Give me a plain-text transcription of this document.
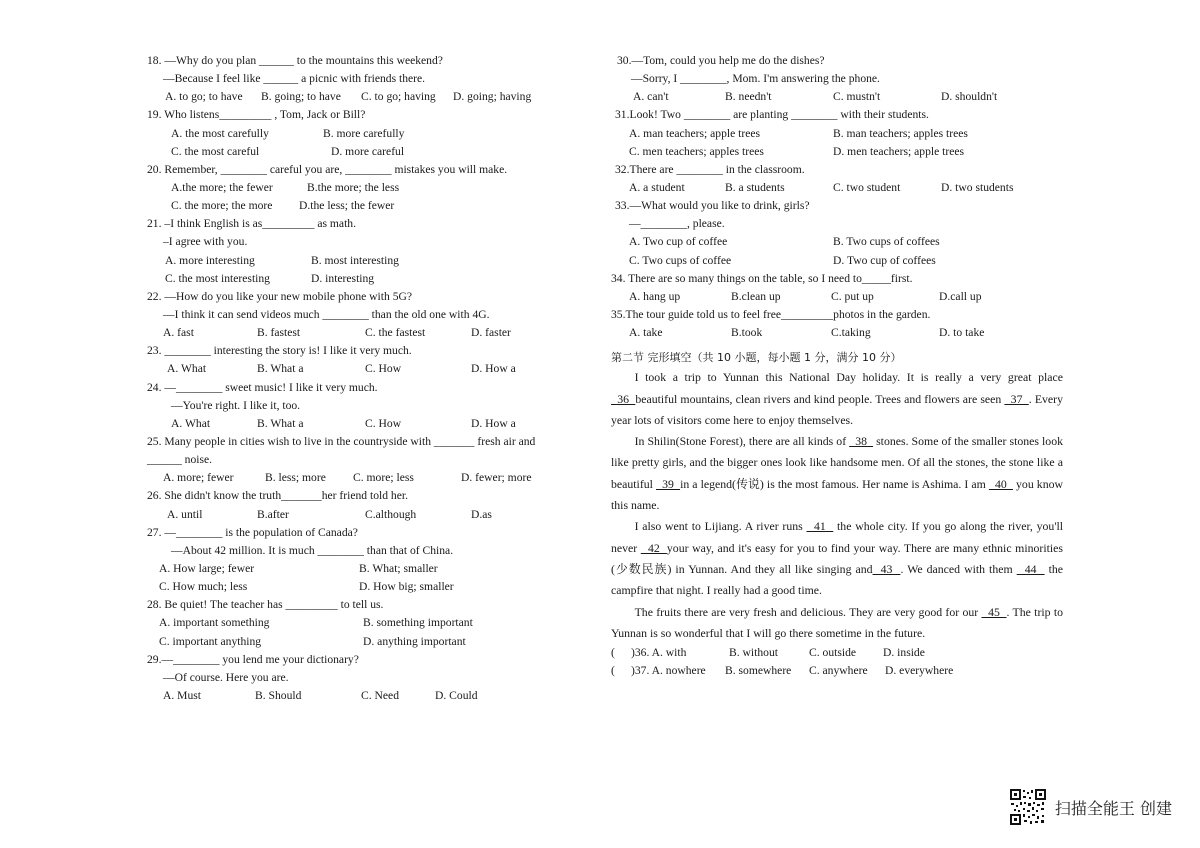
18. —Why do you plan ______ to the mountains this weekend?
—Because I feel like ______ a picnic with friends there.
A. to go; to have B. going; to have C. to go; having D. going; having
19. Who listens_________ , Tom, Jack or Bill?
A. the most carefully	B. more carefully
C. the most careful	D. more careful
20. Remember, ________ careful you are, ________ mistakes you will make.
A.the more; the fewer	B.the more; the less
C. the more; the more D.the less; the fewer
21. –I think English is as_________ as math.
–I agree with you.
A. more interesting	B. most interesting
C. the most interesting	D. interesting
22. —How do you like your new mobile phone with 5G?
—I think it can send videos much ________ than the old one with 4G.
A. fast	B. fastest	C. the fastest	D. faster
23. ________ interesting the story is! I like it very much.
A. What	B. What a	C. How	D. How a
24. —________ sweet music! I like it very much.
—You're right. I like it, too.
A. What	B. What a	C. How	D. How a
25. Many people in cities wish to live in the countryside with _______ fresh air and
______ noise.
A. more; fewer	B. less; more C. more; less	D. fewer; more
26. She didn't know the truth_______her friend told her.
A. until	B.after	C.although	D.as
27. —________ is the population of Canada?
—About 42 million. It is much ________ than that of China.
A. How large; fewer	B. What; smaller
C. How much; less	D. How big; smaller
28. Be quiet! The teacher has _________ to tell us.
A. important something	B. something important
C. important anything	D. anything important
29.—________ you lend me your dictionary?
—Of course. Here you are.
A. Must	B. Should	C. Need	D. Could
30.—Tom, could you help me do the dishes?
—Sorry, I ________, Mom. I'm answering the phone.
A. can't	B. needn't	C. mustn't	D. shouldn't
31.Look! Two ________ are planting ________ with their students.
A. man teachers; apple trees	B. man teachers; apples trees
C. men teachers; apples trees	D. men teachers; apple trees
32.There are ________ in the classroom.
A. a student	B. a students	C. two student	D. two students
33.—What would you like to drink, girls?
—________, please.
A. Two cup of coffee	B. Two cups of coffees
C. Two cups of coffee	D. Two cup of coffees
34. There are so many things on the table, so I need to_____first.
A. hang up	B.clean up	C. put up	D.call up
35.The tour guide told us to feel free_________photos in the garden.
A. take	B.took	C.taking	D. to take
第二节 完形填空（共 10 小题，每小题 1 分，满分 10 分）

I took a trip to Yunnan this National Day holiday. It is really a very great place   36  beautiful mountains, clean rivers and kind people. Trees and flowers are seen   37  . Every year lots of visitors come here to enjoy themselves.

In Shilin(Stone Forest), there are all kinds of   38   stones. Some of the smaller stones look like pretty girls, and the bigger ones look like handsome men. Of all the stones, the stone like a beautiful   39  in a legend(传说) is the most famous. Her name is Ashima. I am   40   you know this name.

I also went to Lijiang. A river runs   41   the whole city. If you go along the river, you'll never   42  your way, and it's easy for you to find your way. There are many ethnic minorities (少数民族) in Yunnan. And they all like singing and  43  . We danced with them   44   the campfire that night. I really had a good time.

The fruits there are very fresh and delicious. They are very good for our   45  . The trip to Yunnan is so wonderful that I will go there sometime in the future.

( )36. A. with	B. without	C. outside D. inside
( )37. A. nowhere B. somewhere C. anywhere D. everywhere
扫描全能王 创建
